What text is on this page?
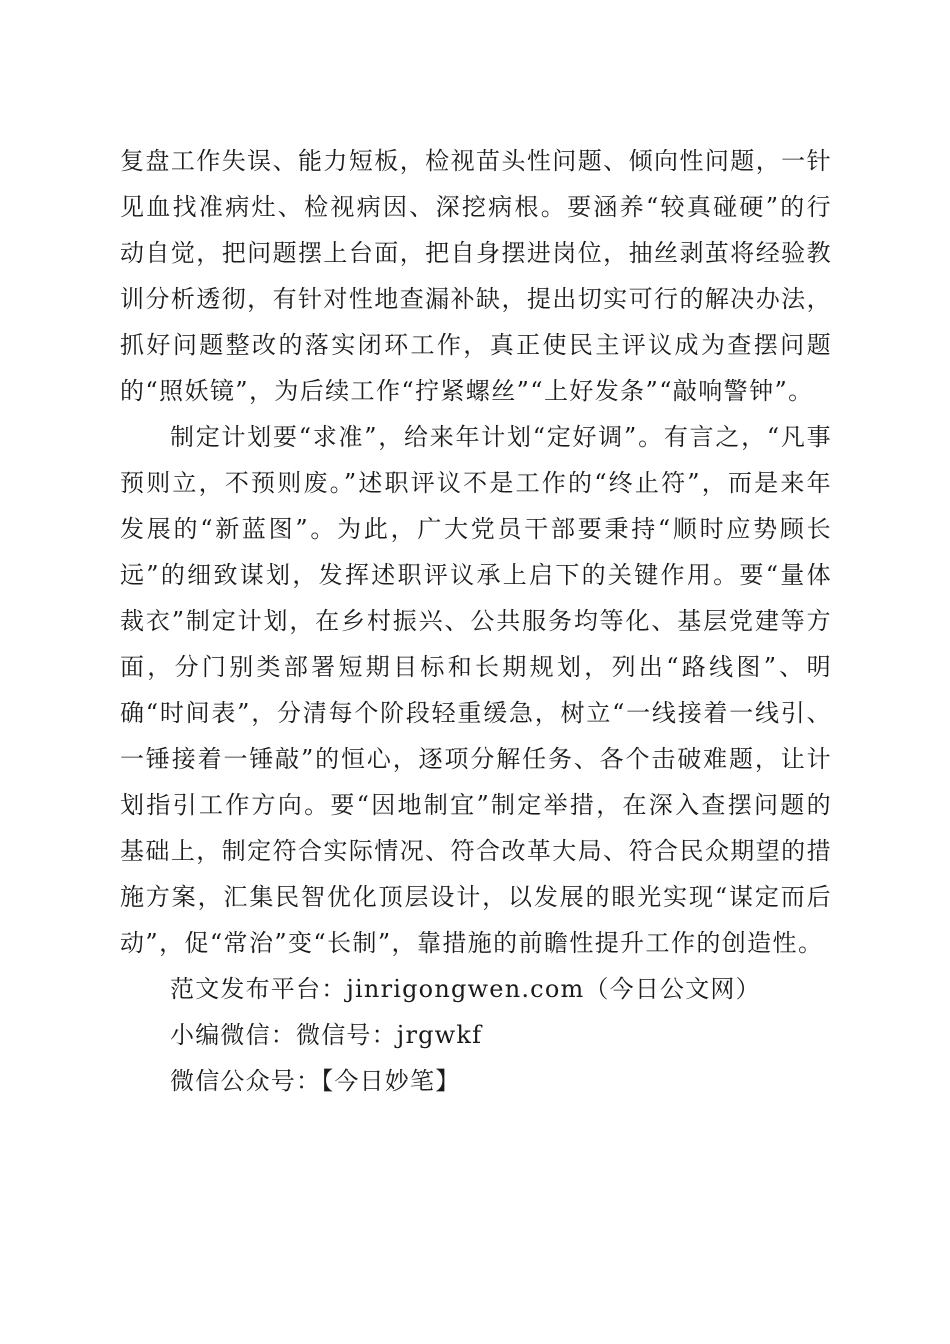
复盘工作失误、能力短板，检视苗头性问题、倾向性问题，一针见血找准病灶、检视病因、深挖病根。要涵养“较真碰硬”的行动自觉，把问题摆上台面，把自身摆进岗位，抽丝剥茧将经验教训分析透彻，有针对性地查漏补缺，提出切实可行的解决办法，抓好问题整改的落实闭环工作，真正使民主评议成为查摆问题的“照妖镜”，为后续工作“拧紧螺丝”“上好发条”“敲响警钟”。

制定计划要“求准”，给来年计划“定好调”。有言之，“凡事预则立，不预则废。”述职评议不是工作的“终止符”，而是来年发展的“新蓝图”。为此，广大党员干部要秉持“顺时应势顾长远”的细致谋划，发挥述职评议承上启下的关键作用。要“量体裁衣”制定计划，在乡村振兴、公共服务均等化、基层党建等方面，分门别类部署短期目标和长期规划，列出“路线图”、明确“时间表”，分清每个阶段轻重缓急，树立“一线接着一线引、一锤接着一锤敲”的恒心，逐项分解任务、各个击破难题，让计划指引工作方向。要“因地制宜”制定举措，在深入查摆问题的基础上，制定符合实际情况、符合改革大局、符合民众期望的措施方案，汇集民智优化顶层设计，以发展的眼光实现“谋定而后动”，促“常治”变“长制”，靠措施的前瞻性提升工作的创造性。

范文发布平台：jinrigongwen.com（今日公文网）

小编微信：微信号：jrgwkf

微信公众号：【今日妙笔】
